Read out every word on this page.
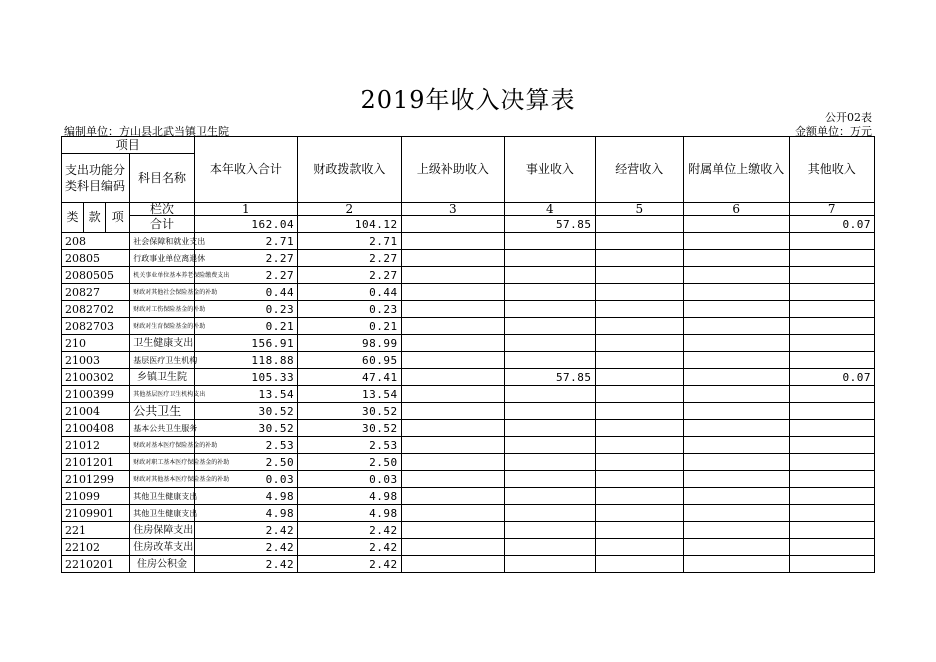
2019年收入决算表
公开02表
编制单位：方山县北武当镇卫生院	金额单位：万元
项目				本年收入合计	财政拨款收入	上级补助收入	事业收入	经营收入	附属单位上缴收入	其他收入
支出功能分类科目编码			科目名称							
类	款	项	栏次	1	2	3	4	5	6	7
			合计	162.04	104.12		57.85			0.07
208			社会保障和就业支出	2.71	2.71					
20805			行政事业单位离退休	2.27	2.27					
2080505			机关事业单位基本养老保险缴费支出	2.27	2.27					
20827			财政对其他社会保险基金的补助	0.44	0.44					
2082702			财政对工伤保险基金的补助	0.23	0.23					
2082703			财政对生育保险基金的补助	0.21	0.21					
210			卫生健康支出	156.91	98.99					
21003			基层医疗卫生机构	118.88	60.95					
2100302			乡镇卫生院	105.33	47.41		57.85			0.07
2100399			其他基层医疗卫生机构支出	13.54	13.54					
21004			公共卫生	30.52	30.52					
2100408			基本公共卫生服务	30.52	30.52					
21012			财政对基本医疗保险基金的补助	2.53	2.53					
2101201			财政对职工基本医疗保险基金的补助	2.50	2.50					
2101299			财政对其他基本医疗保险基金的补助	0.03	0.03					
21099			其他卫生健康支出	4.98	4.98					
2109901			其他卫生健康支出	4.98	4.98					
221			住房保障支出	2.42	2.42					
22102			住房改革支出	2.42	2.42					
2210201			住房公积金	2.42	2.42					
